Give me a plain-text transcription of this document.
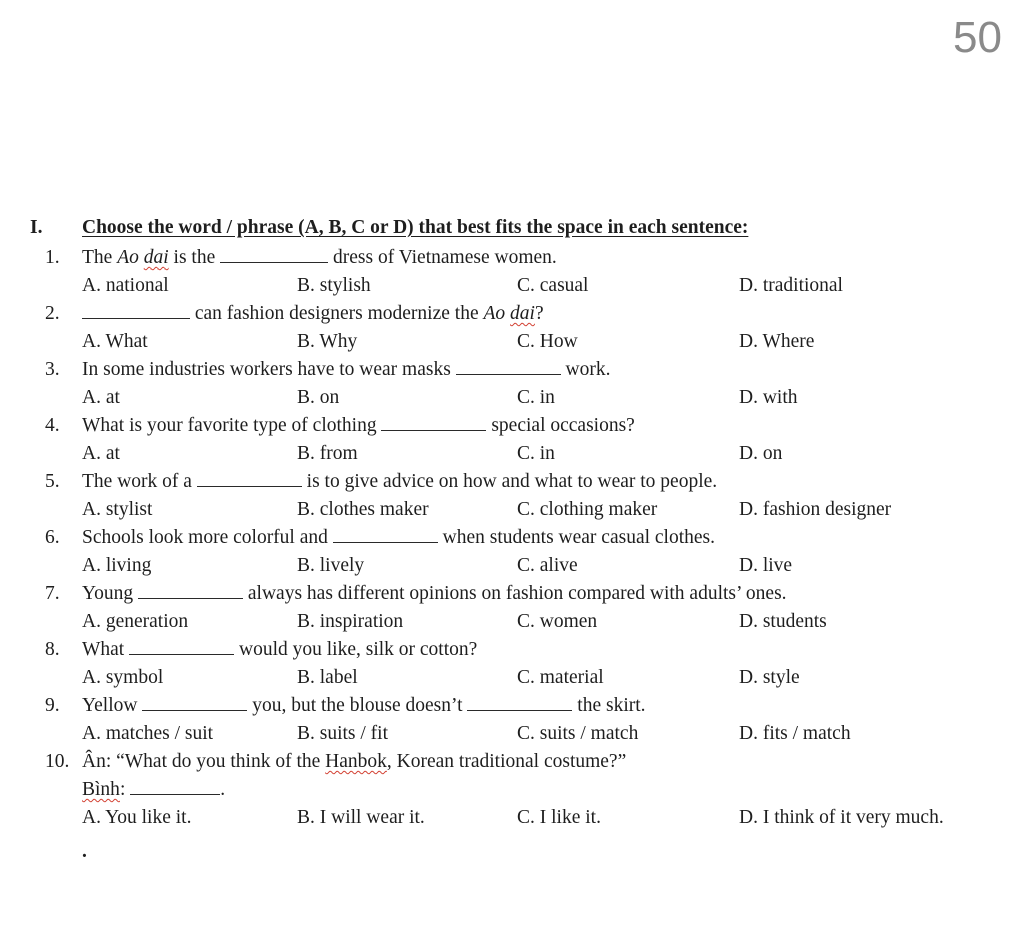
50
I.	Choose the word / phrase (A, B, C or D) that best fits the space in each sentence:
1.	The Ao dai is the	dress of Vietnamese women.
A. national	B. stylish	C. casual	D. traditional
2.	can fashion designers modernize the Ao dai?
A. What	B. Why	C. How	D. Where
3.	In some industries workers have to wear masks	work.
A. at	B. on	C. in	D. with
4.	What is your favorite type of clothing	special occasions?
A. at	B. from	C. in	D. on
5.	The work of a	is to give advice on how and what to wear to people.
A. stylist	B. clothes maker	C. clothing maker	D. fashion designer
6.	Schools look more colorful and	when students wear casual clothes.
A. living	B. lively	C. alive	D. live
7.	Young	always has different opinions on fashion compared with adults’ ones.
A. generation	B. inspiration	C. women	D. students
8.	What	would you like, silk or cotton?
A. symbol	B. label	C. material	D. style
9.	Yellow	you, but the blouse doesn’t	the skirt.
A. matches / suit	B. suits / fit	C. suits / match	D. fits / match
10. Ân: “What do you think of the Hanbok, Korean traditional costume?”
Bình:	.
A. You like it.	B. I will wear it.	C. I like it.	D. I think of it very much.
.
